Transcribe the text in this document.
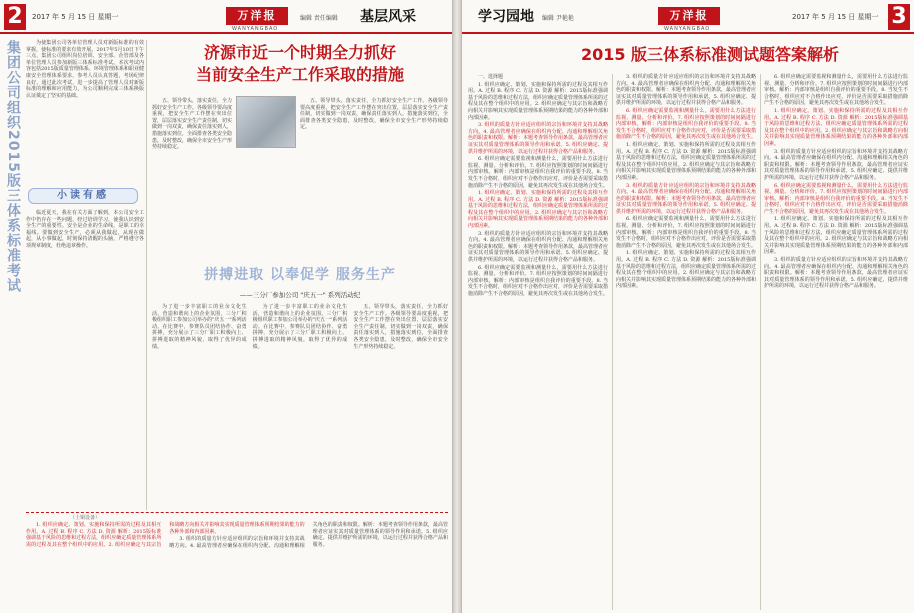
2	2017 年 5 月 15 日 星期一	万洋报
WANYANGBAO
编辑 责任编辑 基层风采
集团公司组织2015版三体系标准考试	为使集团公司各单位管理人员对新版标准的有效掌握，使标准的要求有效开展。2017年5月10日下午三点，集团公司组织岗位培训、安全部、企管部及各单位管理人员参加新版三体系标准考试。本次考试内容包括2015版质量管理体系、环境管理体系和职业健康安全管理体系要求，参考人员认真答题，考场纪律良好。通过此次考试，进一步提高了管理人员对新版标准的理解和应用能力，为公司顺利完成三体系换版认证奠定了坚实的基础。
小读有感
临近夏天，我在有关方面了解到，本公司安全工作中仍存在一些问题，经过培训学习，使我认识到安全生产的重要性。安全是企业的生命线，是职工的幸福线。要做到安全生产，必须从我做起，从现在做起，从小事做起，时刻保持清醒的头脑，严格遵守各项规章制度，杜绝违章操作。
济源市近一个时期全力抓好
当前安全生产工作采取的措施
五、领导带头，落实责任，全力抓好安全生产工作。各级领导要高度重视，把安全生产工作摆在突出位置，层层落实安全生产责任制，切实做到一岗双责，确保责任落实到人，措施落实到位，全面排查各类安全隐患，及时整改，确保全市安全生产形势持续稳定。
五、领导带头，落实责任，全力抓好安全生产工作。各级领导要高度重视，把安全生产工作摆在突出位置，层层落实安全生产责任制，切实做到一岗双责，确保责任落实到人，措施落实到位，全面排查各类安全隐患，及时整改，确保全市安全生产形势持续稳定。
拼搏进取 以奉促学 服务生产
——三分厂参加公司 "庆五一" 系列活动纪
为了进一步丰富职工的业余文化生活，营造和谐向上的企业氛围，三分厂积极组织职工参加公司举办的"庆五一"系列活动。在比赛中，参赛队员团结协作、奋勇拼搏，充分展示了三分厂职工积极向上、拼搏进取的精神风貌，取得了优异的成绩。
为了进一步丰富职工的业余文化生活，营造和谐向上的企业氛围，三分厂积极组织职工参加公司举办的"庆五一"系列活动。在比赛中，参赛队员团结协作、奋勇拼搏，充分展示了三分厂职工积极向上、拼搏进取的精神风貌，取得了优异的成绩。
五、领导带头，落实责任，全力抓好安全生产工作。各级领导要高度重视，把安全生产工作摆在突出位置，层层落实安全生产责任制，切实做到一岗双责，确保责任落实到人，措施落实到位，全面排查各类安全隐患，及时整改，确保全市安全生产形势持续稳定。
（土铜设备）
1. 组织应确定、策划、实施和保持所需的过程及其相互作用。A. 过程 B. 程序 C. 方法 D. 资源 解析：2015版标准强调基于风险的思维和过程方法，组织应确定质量管理体系所需的过程及其在整个组织中的应用。2. 组织应确定与其宗旨和战略方向相关并影响其实现质量管理体系预期结果的能力的各种外部和内部因素。
3. 组织的质量方针应适应组织的宗旨和环境并支持其战略方向。4. 最高管理者应确保在组织内分配、沟通和理解相关角色的职责和权限。解析：本题考查领导作用条款，最高管理者应证实其对质量管理体系的领导作用和承诺。5. 组织应确定、提供并维护所需的环境，以运行过程并获得合格产品和服务。
学习园地 编辑 尹艳艳	万洋报
WANYANGBAO
2017 年 5 月 15 日 星期一 3
2015 版三体系标准测试题答案解析
一、选择题
1. 组织应确定、策划、实施和保持所需的过程及其相互作用。A. 过程 B. 程序 C. 方法 D. 资源 解析：2015版标准强调基于风险的思维和过程方法，组织应确定质量管理体系所需的过程及其在整个组织中的应用。2. 组织应确定与其宗旨和战略方向相关并影响其实现质量管理体系预期结果的能力的各种外部和内部因素。
3. 组织的质量方针应适应组织的宗旨和环境并支持其战略方向。4. 最高管理者应确保在组织内分配、沟通和理解相关角色的职责和权限。解析：本题考查领导作用条款，最高管理者应证实其对质量管理体系的领导作用和承诺。5. 组织应确定、提供并维护所需的环境，以运行过程并获得合格产品和服务。
6. 组织应确定需要监视和测量什么，需要用什么方法进行监视、测量、分析和评价。7. 组织应按照策划的时间间隔进行内部审核。解析：内部审核是组织自我评价的重要手段。8. 当发生不合格时，组织应对不合格作出应对，评价是否需要采取措施消除产生不合格的原因，避免其再次发生或在其他场合发生。
1. 组织应确定、策划、实施和保持所需的过程及其相互作用。A. 过程 B. 程序 C. 方法 D. 资源 解析：2015版标准强调基于风险的思维和过程方法，组织应确定质量管理体系所需的过程及其在整个组织中的应用。2. 组织应确定与其宗旨和战略方向相关并影响其实现质量管理体系预期结果的能力的各种外部和内部因素。
3. 组织的质量方针应适应组织的宗旨和环境并支持其战略方向。4. 最高管理者应确保在组织内分配、沟通和理解相关角色的职责和权限。解析：本题考查领导作用条款，最高管理者应证实其对质量管理体系的领导作用和承诺。5. 组织应确定、提供并维护所需的环境，以运行过程并获得合格产品和服务。
6. 组织应确定需要监视和测量什么，需要用什么方法进行监视、测量、分析和评价。7. 组织应按照策划的时间间隔进行内部审核。解析：内部审核是组织自我评价的重要手段。8. 当发生不合格时，组织应对不合格作出应对，评价是否需要采取措施消除产生不合格的原因，避免其再次发生或在其他场合发生。
3. 组织的质量方针应适应组织的宗旨和环境并支持其战略方向。4. 最高管理者应确保在组织内分配、沟通和理解相关角色的职责和权限。解析：本题考查领导作用条款，最高管理者应证实其对质量管理体系的领导作用和承诺。5. 组织应确定、提供并维护所需的环境，以运行过程并获得合格产品和服务。
6. 组织应确定需要监视和测量什么，需要用什么方法进行监视、测量、分析和评价。7. 组织应按照策划的时间间隔进行内部审核。解析：内部审核是组织自我评价的重要手段。8. 当发生不合格时，组织应对不合格作出应对，评价是否需要采取措施消除产生不合格的原因，避免其再次发生或在其他场合发生。
1. 组织应确定、策划、实施和保持所需的过程及其相互作用。A. 过程 B. 程序 C. 方法 D. 资源 解析：2015版标准强调基于风险的思维和过程方法，组织应确定质量管理体系所需的过程及其在整个组织中的应用。2. 组织应确定与其宗旨和战略方向相关并影响其实现质量管理体系预期结果的能力的各种外部和内部因素。
3. 组织的质量方针应适应组织的宗旨和环境并支持其战略方向。4. 最高管理者应确保在组织内分配、沟通和理解相关角色的职责和权限。解析：本题考查领导作用条款，最高管理者应证实其对质量管理体系的领导作用和承诺。5. 组织应确定、提供并维护所需的环境，以运行过程并获得合格产品和服务。
6. 组织应确定需要监视和测量什么，需要用什么方法进行监视、测量、分析和评价。7. 组织应按照策划的时间间隔进行内部审核。解析：内部审核是组织自我评价的重要手段。8. 当发生不合格时，组织应对不合格作出应对，评价是否需要采取措施消除产生不合格的原因，避免其再次发生或在其他场合发生。
1. 组织应确定、策划、实施和保持所需的过程及其相互作用。A. 过程 B. 程序 C. 方法 D. 资源 解析：2015版标准强调基于风险的思维和过程方法，组织应确定质量管理体系所需的过程及其在整个组织中的应用。2. 组织应确定与其宗旨和战略方向相关并影响其实现质量管理体系预期结果的能力的各种外部和内部因素。
6. 组织应确定需要监视和测量什么，需要用什么方法进行监视、测量、分析和评价。7. 组织应按照策划的时间间隔进行内部审核。解析：内部审核是组织自我评价的重要手段。8. 当发生不合格时，组织应对不合格作出应对，评价是否需要采取措施消除产生不合格的原因，避免其再次发生或在其他场合发生。
1. 组织应确定、策划、实施和保持所需的过程及其相互作用。A. 过程 B. 程序 C. 方法 D. 资源 解析：2015版标准强调基于风险的思维和过程方法，组织应确定质量管理体系所需的过程及其在整个组织中的应用。2. 组织应确定与其宗旨和战略方向相关并影响其实现质量管理体系预期结果的能力的各种外部和内部因素。
3. 组织的质量方针应适应组织的宗旨和环境并支持其战略方向。4. 最高管理者应确保在组织内分配、沟通和理解相关角色的职责和权限。解析：本题考查领导作用条款，最高管理者应证实其对质量管理体系的领导作用和承诺。5. 组织应确定、提供并维护所需的环境，以运行过程并获得合格产品和服务。
6. 组织应确定需要监视和测量什么，需要用什么方法进行监视、测量、分析和评价。7. 组织应按照策划的时间间隔进行内部审核。解析：内部审核是组织自我评价的重要手段。8. 当发生不合格时，组织应对不合格作出应对，评价是否需要采取措施消除产生不合格的原因，避免其再次发生或在其他场合发生。
1. 组织应确定、策划、实施和保持所需的过程及其相互作用。A. 过程 B. 程序 C. 方法 D. 资源 解析：2015版标准强调基于风险的思维和过程方法，组织应确定质量管理体系所需的过程及其在整个组织中的应用。2. 组织应确定与其宗旨和战略方向相关并影响其实现质量管理体系预期结果的能力的各种外部和内部因素。
3. 组织的质量方针应适应组织的宗旨和环境并支持其战略方向。4. 最高管理者应确保在组织内分配、沟通和理解相关角色的职责和权限。解析：本题考查领导作用条款，最高管理者应证实其对质量管理体系的领导作用和承诺。5. 组织应确定、提供并维护所需的环境，以运行过程并获得合格产品和服务。
